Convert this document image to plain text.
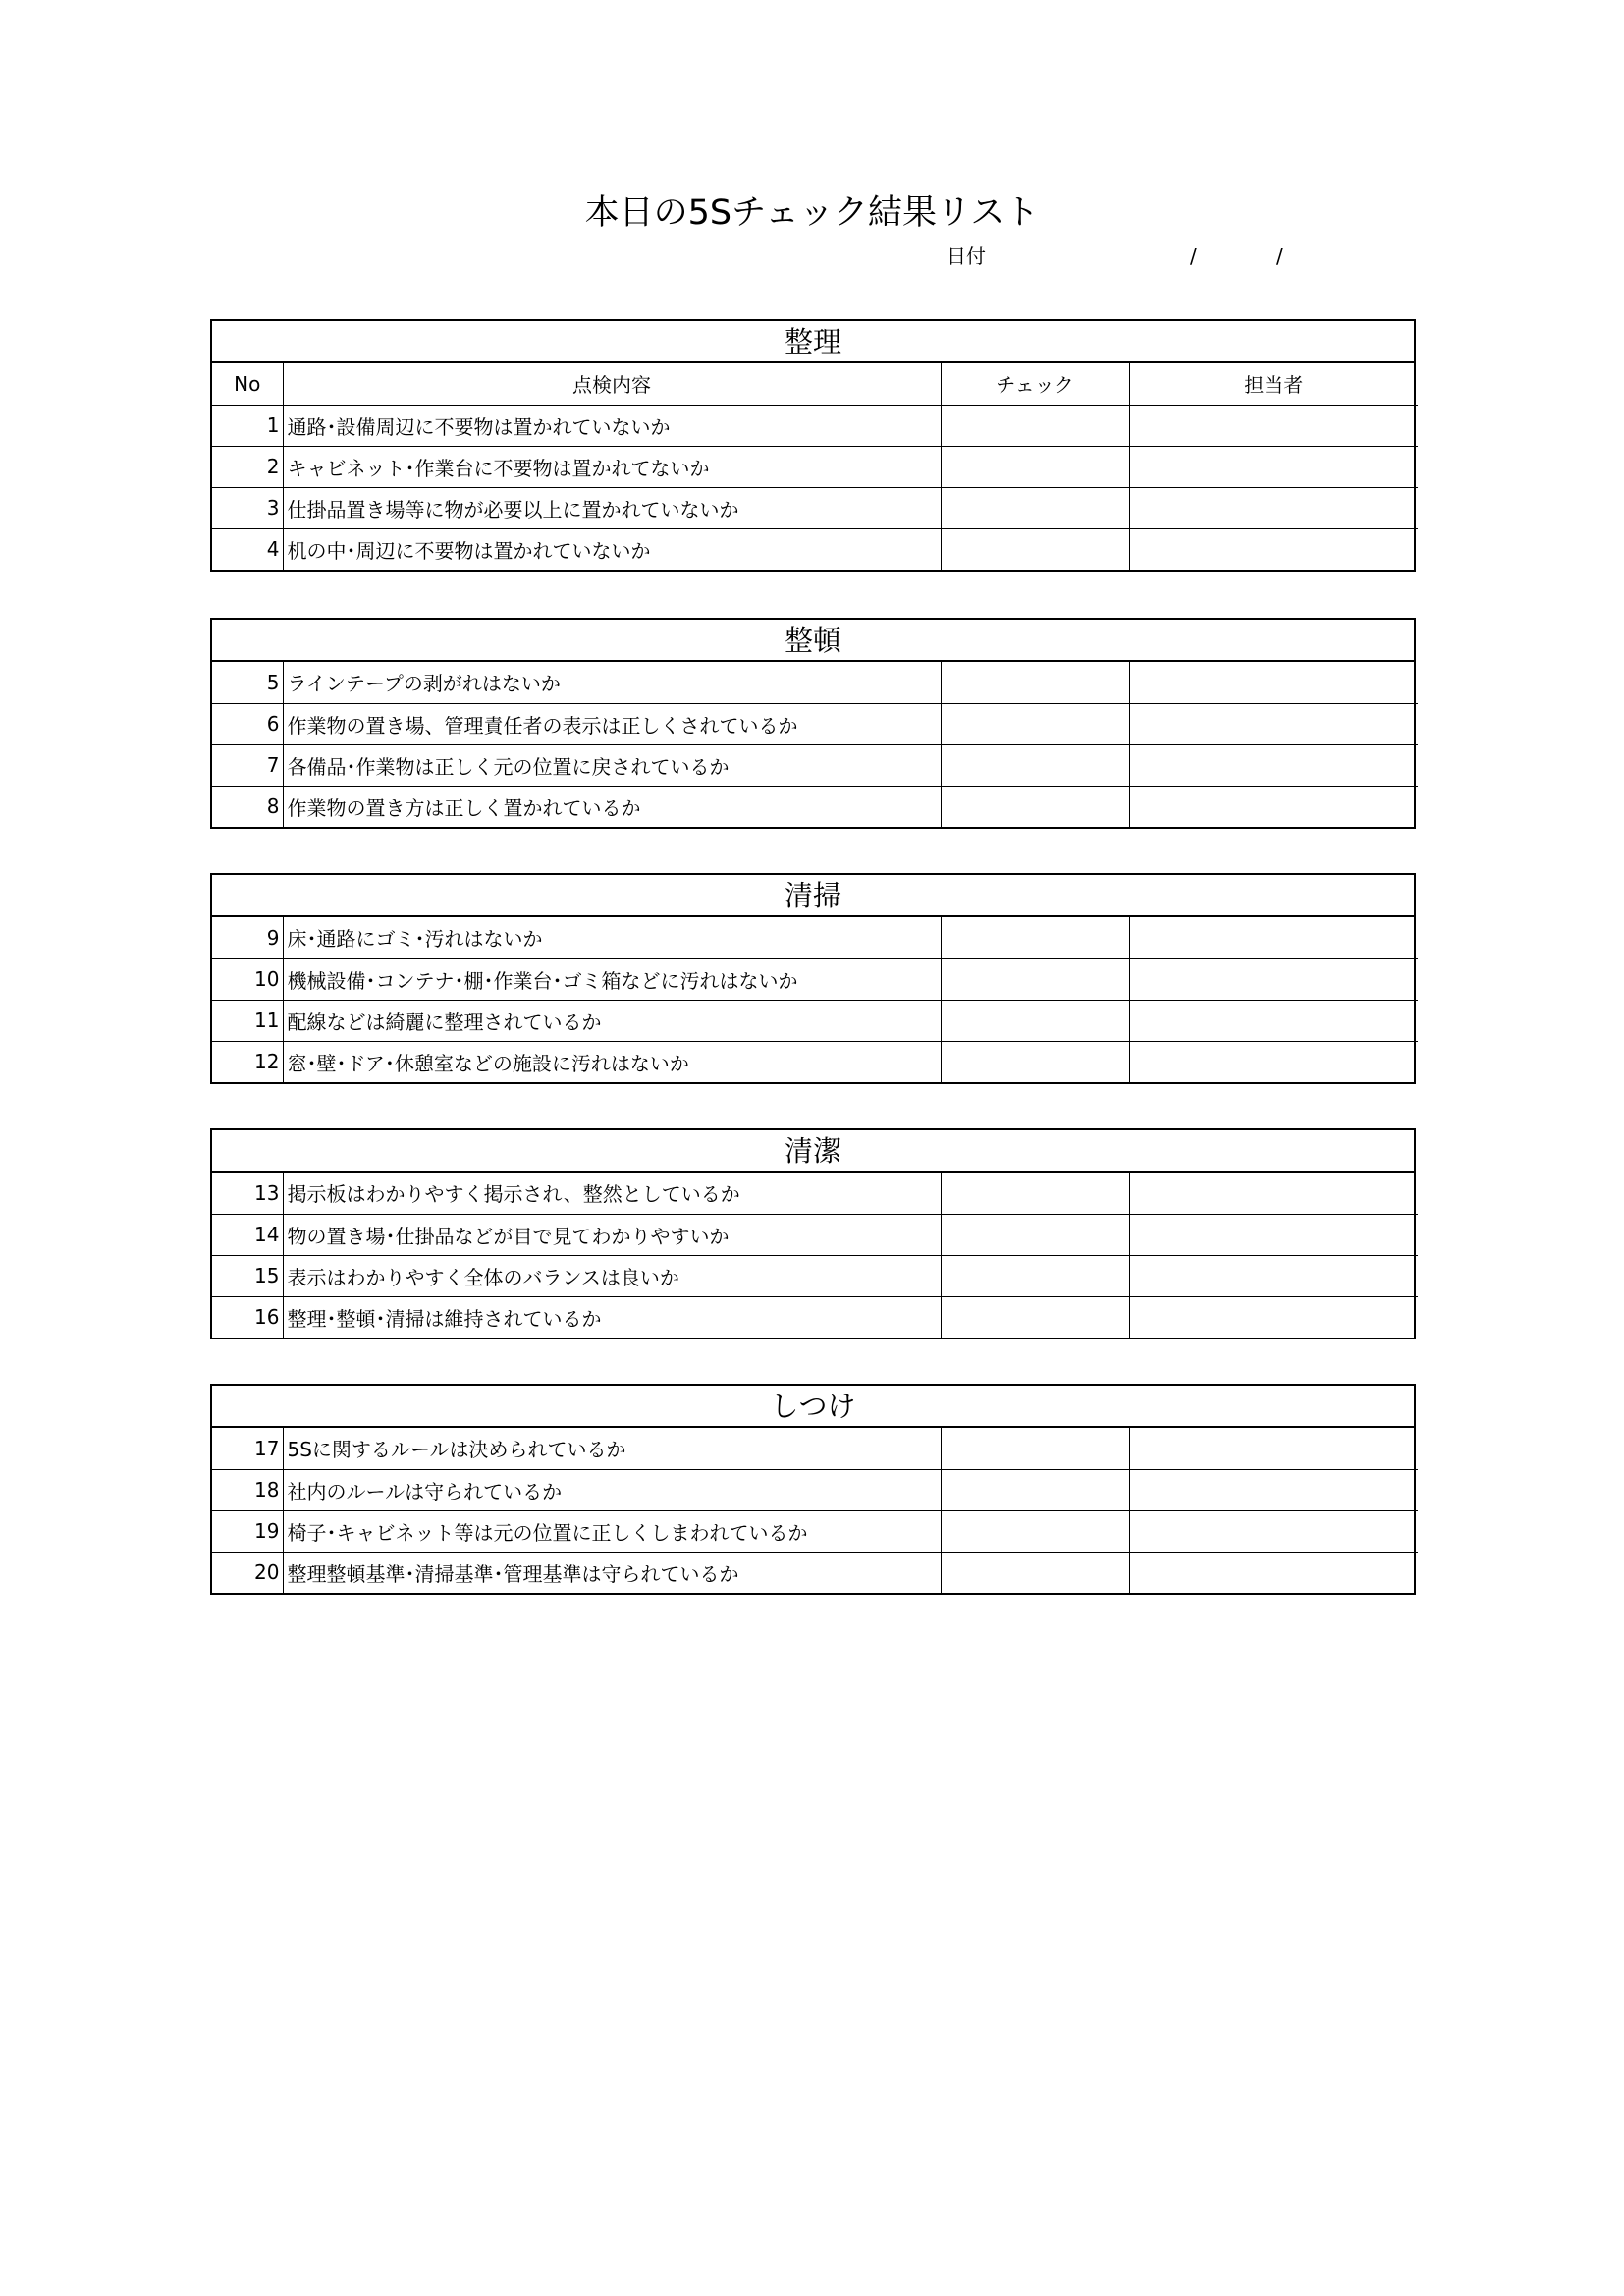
本日の5Sチェック結果リスト
日付	/	/
整理
No	点検内容	チェック	担当者
1	通路･設備周辺に不要物は置かれていないか		
2	キャビネット･作業台に不要物は置かれてないか		
3	仕掛品置き場等に物が必要以上に置かれていないか		
4	机の中･周辺に不要物は置かれていないか		
整頓
5	ラインテープの剥がれはないか		
6	作業物の置き場、管理責任者の表示は正しくされているか		
7	各備品･作業物は正しく元の位置に戻されているか		
8	作業物の置き方は正しく置かれているか		
清掃
9	床･通路にゴミ･汚れはないか		
10	機械設備･コンテナ･棚･作業台･ゴミ箱などに汚れはないか		
11	配線などは綺麗に整理されているか		
12	窓･壁･ドア･休憩室などの施設に汚れはないか		
清潔
13	掲示板はわかりやすく掲示され、整然としているか		
14	物の置き場･仕掛品などが目で見てわかりやすいか		
15	表示はわかりやすく全体のバランスは良いか		
16	整理･整頓･清掃は維持されているか		
しつけ
17	5Sに関するルールは決められているか		
18	社内のルールは守られているか		
19	椅子･キャビネット等は元の位置に正しくしまわれているか		
20	整理整頓基準･清掃基準･管理基準は守られているか		
